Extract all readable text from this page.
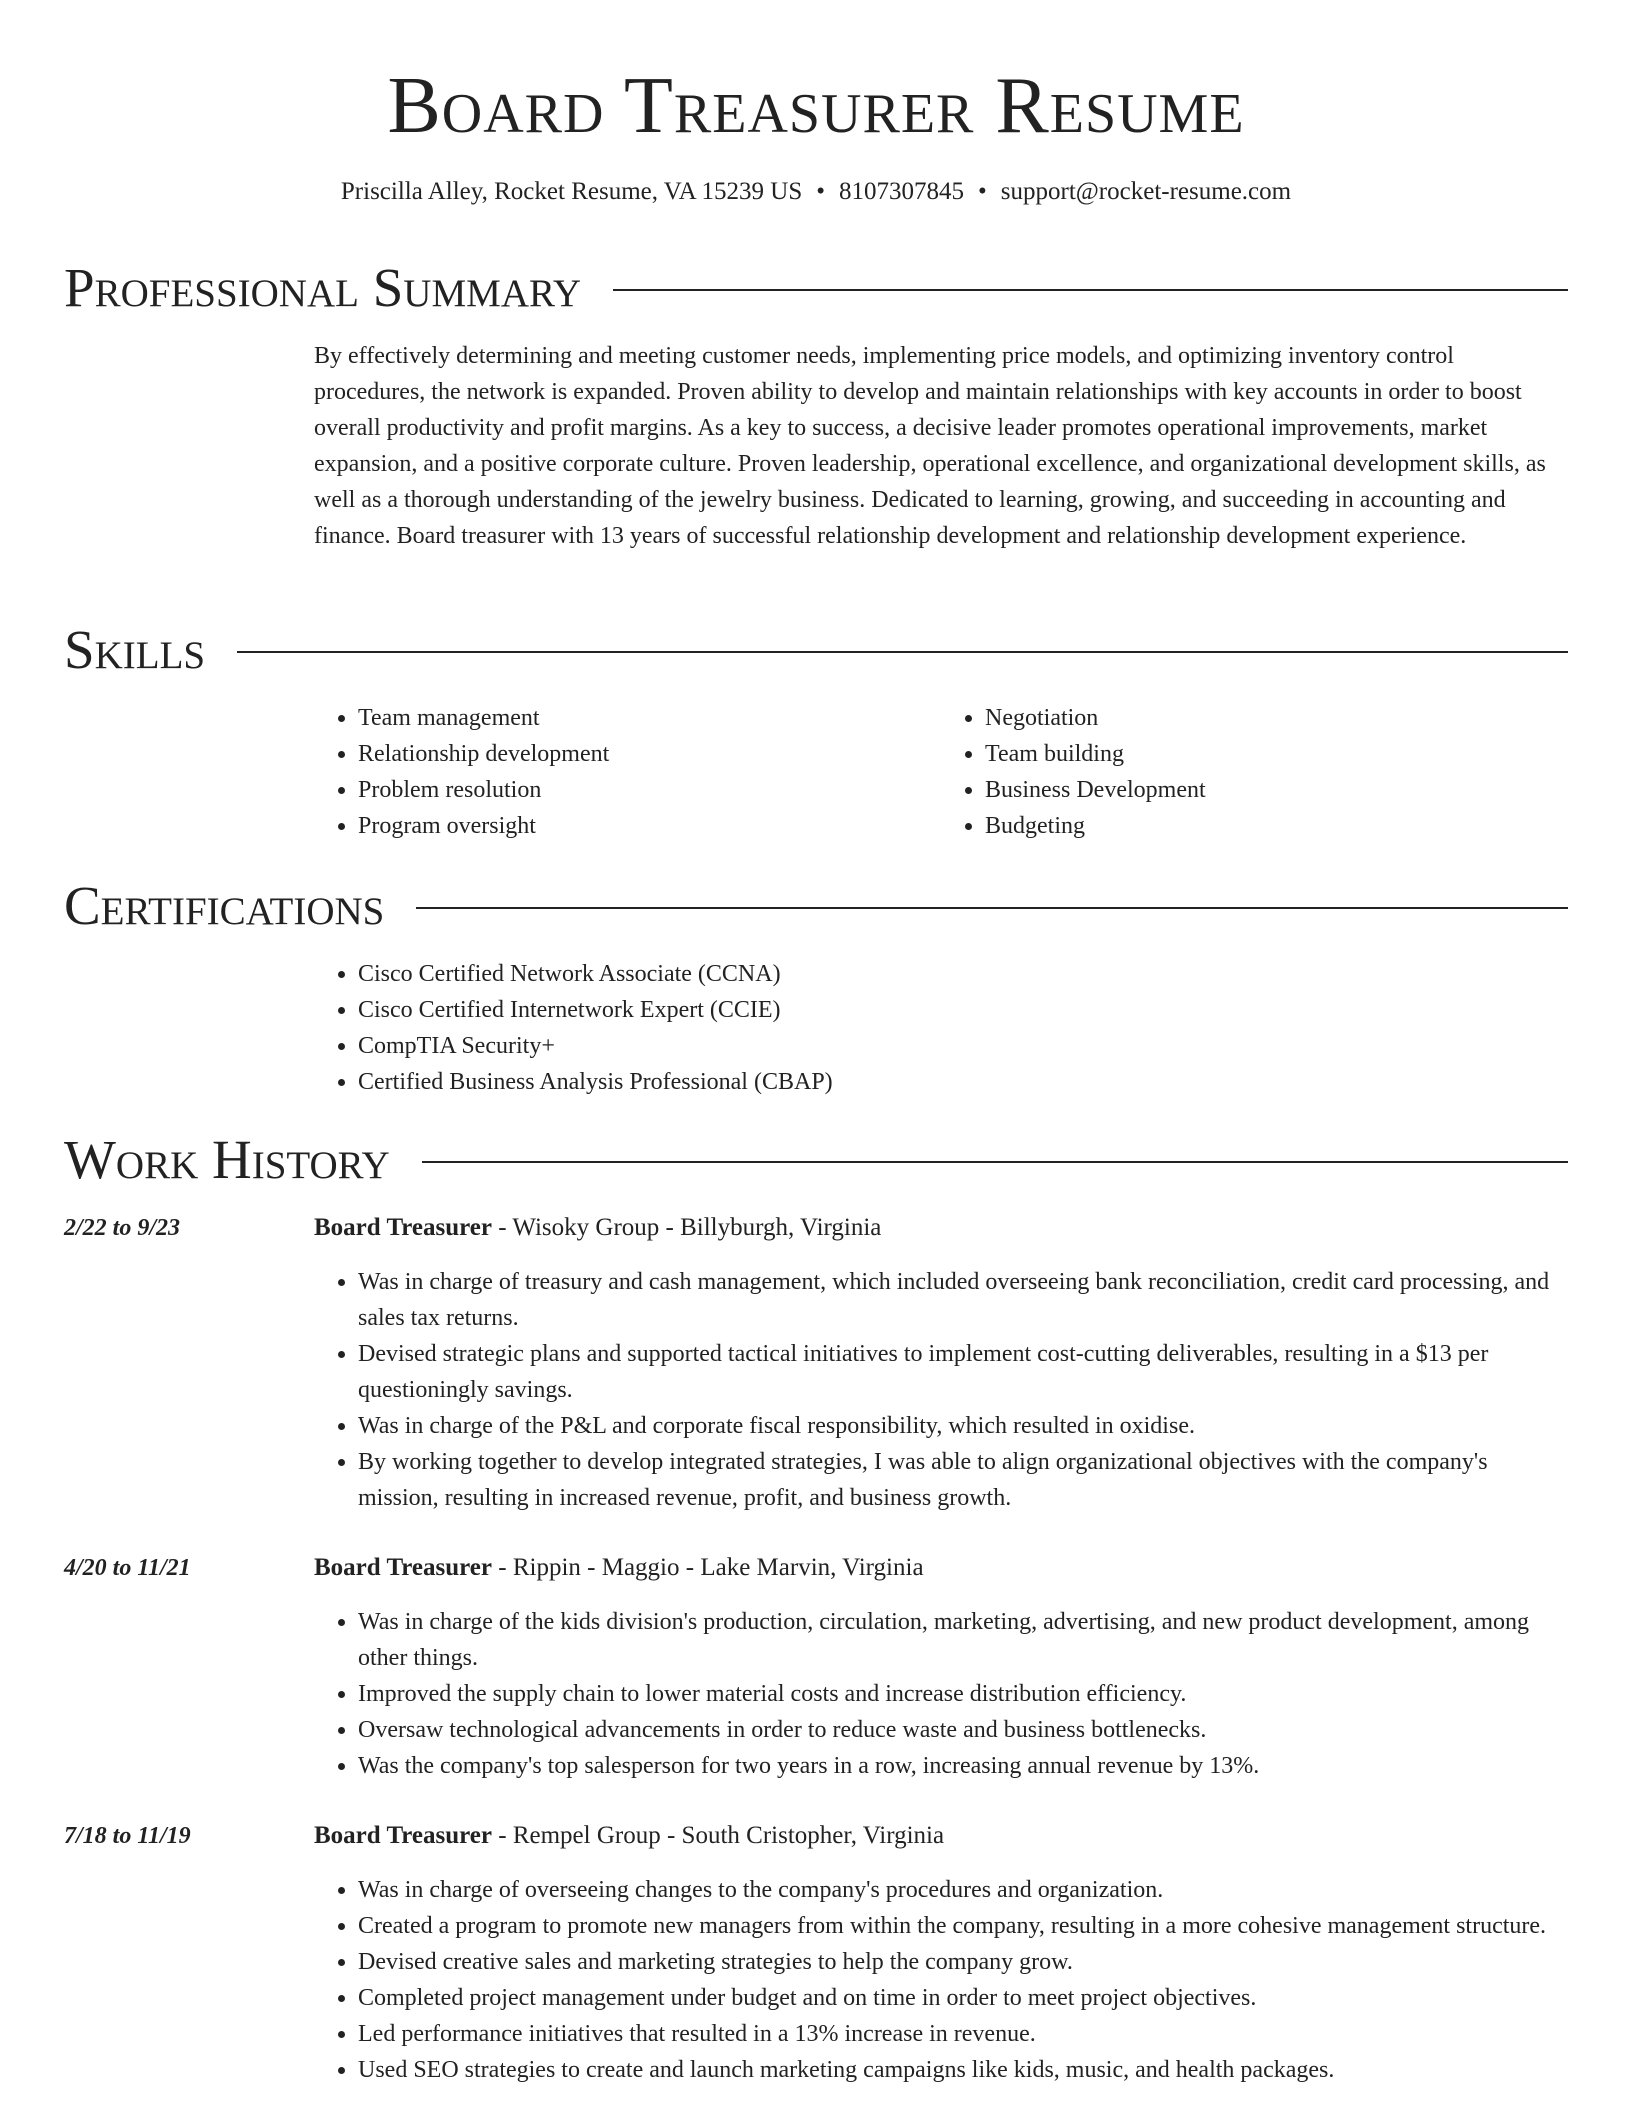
Board Treasurer Resume
Priscilla Alley, Rocket Resume, VA 15239 US • 8107307845 • support@rocket-resume.com
Professional Summary

By effectively determining and meeting customer needs, implementing price models, and optimizing inventory control procedures, the network is expanded. Proven ability to develop and maintain relationships with key accounts in order to boost overall productivity and profit margins. As a key to success, a decisive leader promotes operational improvements, market expansion, and a positive corporate culture. Proven leadership, operational excellence, and organizational development skills, as well as a thorough understanding of the jewelry business. Dedicated to learning, growing, and succeeding in accounting and finance. Board treasurer with 13 years of successful relationship development and relationship development experience.

Skills
• Team management
• Relationship development
• Problem resolution
• Program oversight
• Negotiation
• Team building
• Business Development
• Budgeting
Certifications
• Cisco Certified Network Associate (CCNA)
• Cisco Certified Internetwork Expert (CCIE)
• CompTIA Security+
• Certified Business Analysis Professional (CBAP)
Work History
2/22 to 9/23	Board Treasurer - Wisoky Group - Billyburgh, Virginia
• Was in charge of treasury and cash management, which included overseeing bank reconciliation, credit card processing, and sales tax returns.
• Devised strategic plans and supported tactical initiatives to implement cost-cutting deliverables, resulting in a $13 per questioningly savings.
• Was in charge of the P&L and corporate fiscal responsibility, which resulted in oxidise.
• By working together to develop integrated strategies, I was able to align organizational objectives with the company's mission, resulting in increased revenue, profit, and business growth.
4/20 to 11/21	Board Treasurer - Rippin - Maggio - Lake Marvin, Virginia
• Was in charge of the kids division's production, circulation, marketing, advertising, and new product development, among other things.
• Improved the supply chain to lower material costs and increase distribution efficiency.
• Oversaw technological advancements in order to reduce waste and business bottlenecks.
• Was the company's top salesperson for two years in a row, increasing annual revenue by 13%.
7/18 to 11/19	Board Treasurer - Rempel Group - South Cristopher, Virginia
• Was in charge of overseeing changes to the company's procedures and organization.
• Created a program to promote new managers from within the company, resulting in a more cohesive management structure.
• Devised creative sales and marketing strategies to help the company grow.
• Completed project management under budget and on time in order to meet project objectives.
• Led performance initiatives that resulted in a 13% increase in revenue.
• Used SEO strategies to create and launch marketing campaigns like kids, music, and health packages.
